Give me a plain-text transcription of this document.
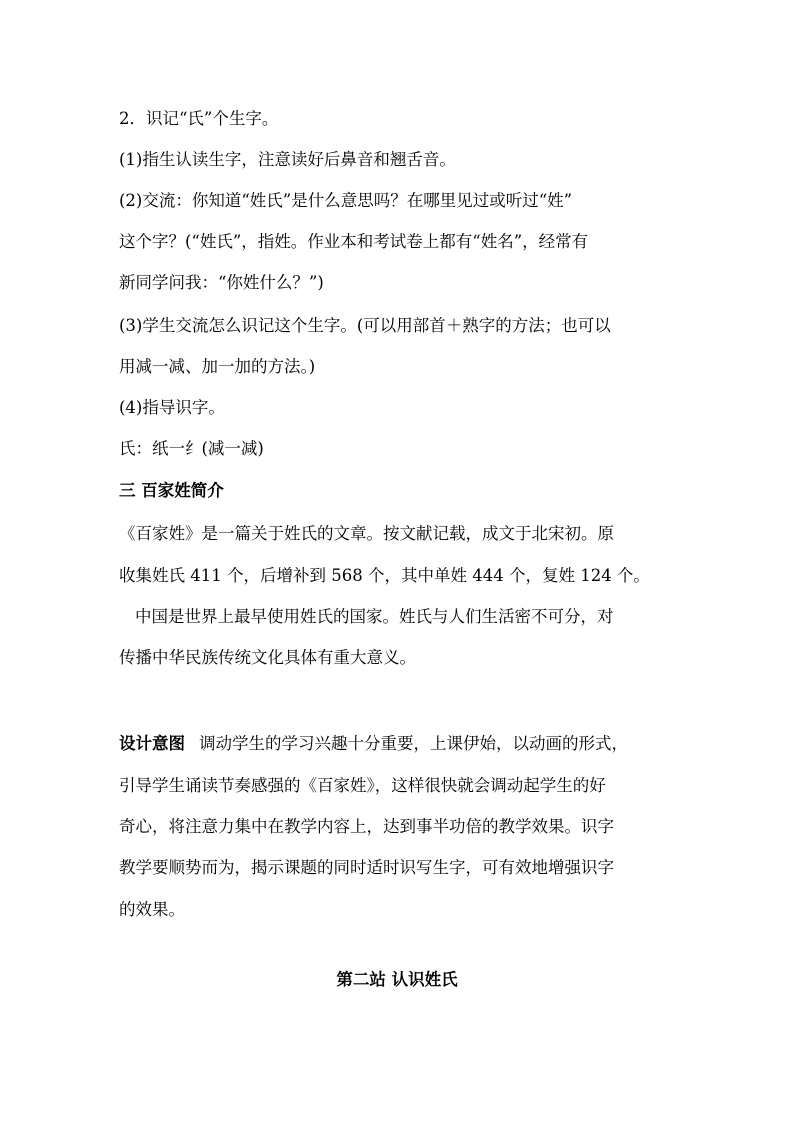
2．识记“氏”个生字。
(1)指生认读生字，注意读好后鼻音和翘舌音。
(2)交流：你知道“姓氏”是什么意思吗？在哪里见过或听过“姓”
这个字？(“姓氏”，指姓。作业本和考试卷上都有“姓名”，经常有
新同学问我：“你姓什么？”)
(3)学生交流怎么识记这个生字。(可以用部首＋熟字的方法；也可以
用减一减、加一加的方法。)
(4)指导识字。
氏：纸一纟(减一减)
三 百家姓简介
《百家姓》是一篇关于姓氏的文章。按文献记载，成文于北宋初。原
收集姓氏 411 个，后增补到 568 个，其中单姓 444 个，复姓 124 个。
中国是世界上最早使用姓氏的国家。姓氏与人们生活密不可分，对
传播中华民族传统文化具体有重大意义。
设计意图 调动学生的学习兴趣十分重要，上课伊始，以动画的形式，
引导学生诵读节奏感强的《百家姓》，这样很快就会调动起学生的好
奇心，将注意力集中在教学内容上，达到事半功倍的教学效果。识字
教学要顺势而为，揭示课题的同时适时识写生字，可有效地增强识字
的效果。
第二站 认识姓氏
